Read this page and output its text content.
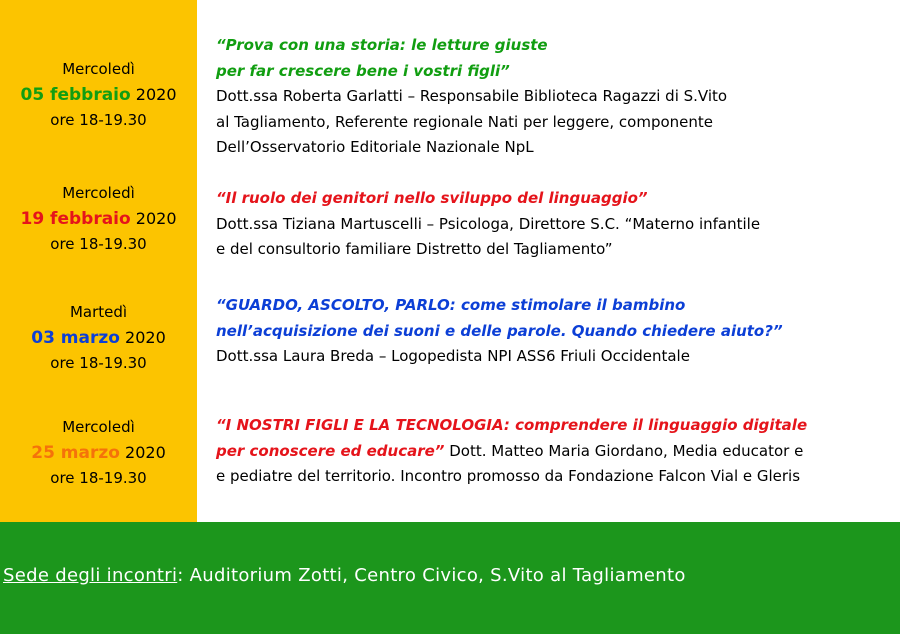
Mercoledì
05 febbraio 2020
ore 18-19.30
“Prova con una storia: le letture giuste
per far crescere bene i vostri figli”
Dott.ssa Roberta Garlatti – Responsabile Biblioteca Ragazzi di S.Vito
al Tagliamento, Referente regionale Nati per leggere, componente
Dell’Osservatorio Editoriale Nazionale NpL
Mercoledì
19 febbraio 2020
ore 18-19.30
“Il ruolo dei genitori nello sviluppo del linguaggio”
Dott.ssa Tiziana Martuscelli – Psicologa, Direttore S.C. “Materno infantile
e del consultorio familiare Distretto del Tagliamento”
Martedì
03 marzo 2020
ore 18-19.30
“GUARDO, ASCOLTO, PARLO: come stimolare il bambino
nell’acquisizione dei suoni e delle parole. Quando chiedere aiuto?”
Dott.ssa Laura Breda – Logopedista NPI ASS6 Friuli Occidentale
Mercoledì
25 marzo 2020
ore 18-19.30
“I NOSTRI FIGLI E LA TECNOLOGIA: comprendere il linguaggio digitale
per conoscere ed educare” Dott. Matteo Maria Giordano, Media educator e
e pediatre del territorio. Incontro promosso da Fondazione Falcon Vial e Gleris
Sede degli incontri: Auditorium Zotti, Centro Civico, S.Vito al Tagliamento
